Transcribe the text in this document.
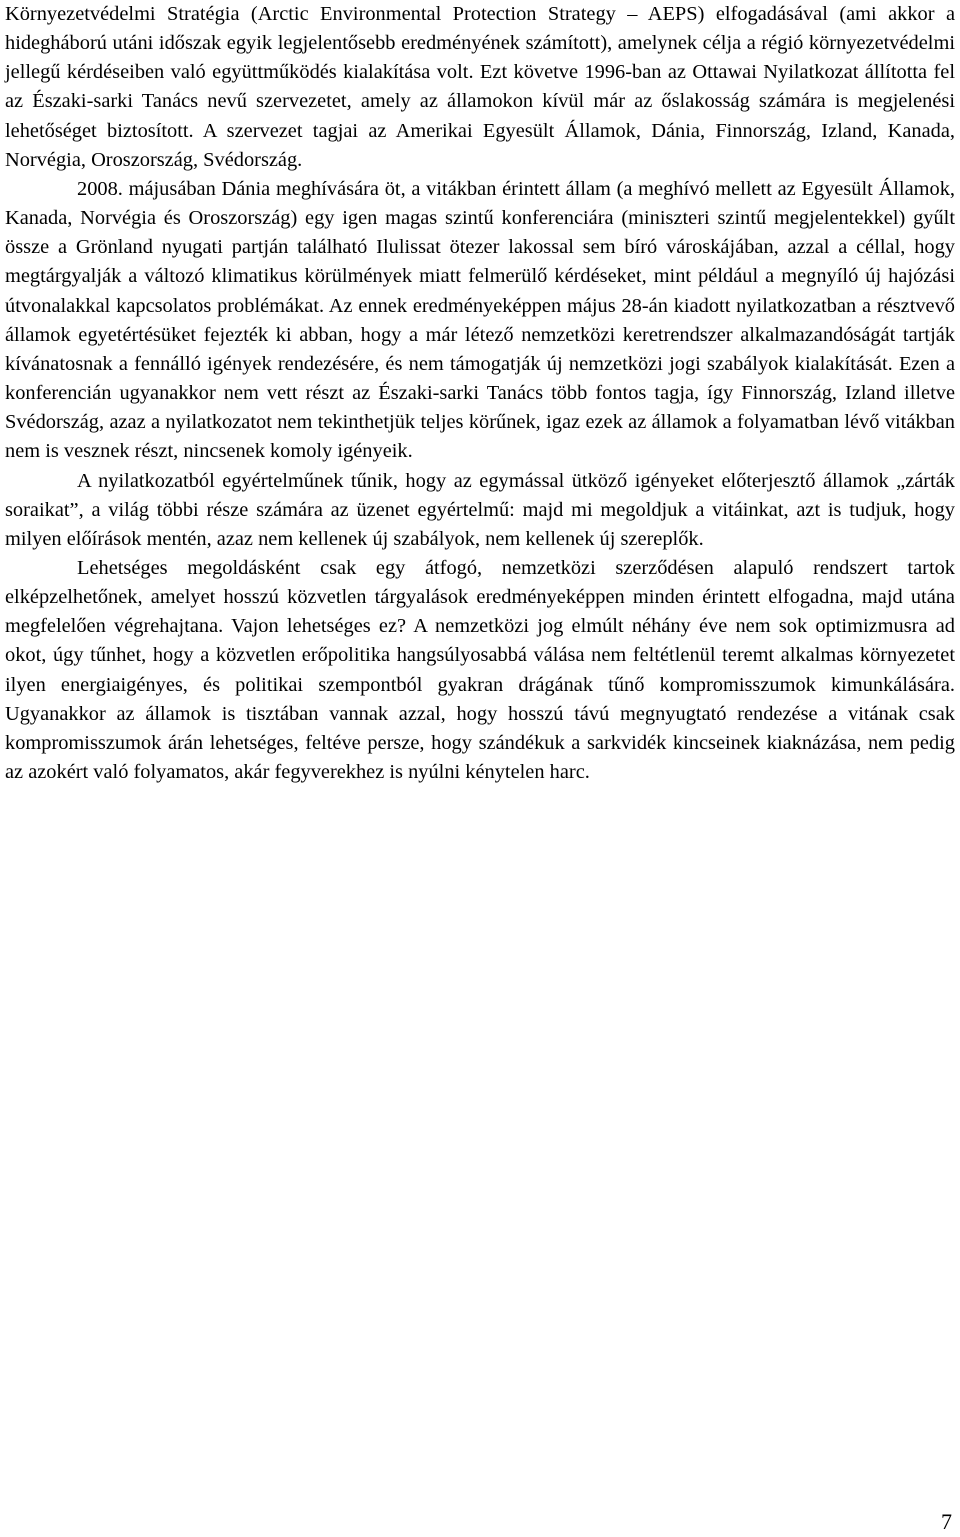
Környezetvédelmi Stratégia (Arctic Environmental Protection Strategy – AEPS) elfogadásával (ami akkor a hidegháború utáni időszak egyik legjelentősebb eredményének számított), amelynek célja a régió környezetvédelmi jellegű kérdéseiben való együttműködés kialakítása volt. Ezt követve 1996-ban az Ottawai Nyilatkozat állította fel az Északi-sarki Tanács nevű szervezetet, amely az államokon kívül már az őslakosság számára is megjelenési lehetőséget biztosított. A szervezet tagjai az Amerikai Egyesült Államok, Dánia, Finnország, Izland, Kanada, Norvégia, Oroszország, Svédország.

2008. májusában Dánia meghívására öt, a vitákban érintett állam (a meghívó mellett az Egyesült Államok, Kanada, Norvégia és Oroszország) egy igen magas szintű konferenciára (miniszteri szintű megjelentekkel) gyűlt össze a Grönland nyugati partján található Ilulissat ötezer lakossal sem bíró városkájában, azzal a céllal, hogy megtárgyalják a változó klimatikus körülmények miatt felmerülő kérdéseket, mint például a megnyíló új hajózási útvonalakkal kapcsolatos problémákat. Az ennek eredményeképpen május 28-án kiadott nyilatkozatban a résztvevő államok egyetértésüket fejezték ki abban, hogy a már létező nemzetközi keretrendszer alkalmazandóságát tartják kívánatosnak a fennálló igények rendezésére, és nem támogatják új nemzetközi jogi szabályok kialakítását. Ezen a konferencián ugyanakkor nem vett részt az Északi-sarki Tanács több fontos tagja, így Finnország, Izland illetve Svédország, azaz a nyilatkozatot nem tekinthetjük teljes körűnek, igaz ezek az államok a folyamatban lévő vitákban nem is vesznek részt, nincsenek komoly igényeik.

A nyilatkozatból egyértelműnek tűnik, hogy az egymással ütköző igényeket előterjesztő államok „zárták soraikat”, a világ többi része számára az üzenet egyértelmű: majd mi megoldjuk a vitáinkat, azt is tudjuk, hogy milyen előírások mentén, azaz nem kellenek új szabályok, nem kellenek új szereplők.

Lehetséges megoldásként csak egy átfogó, nemzetközi szerződésen alapuló rendszert tartok elképzelhetőnek, amelyet hosszú közvetlen tárgyalások eredményeképpen minden érintett elfogadna, majd utána megfelelően végrehajtana. Vajon lehetséges ez? A nemzetközi jog elmúlt néhány éve nem sok optimizmusra ad okot, úgy tűnhet, hogy a közvetlen erőpolitika hangsúlyosabbá válása nem feltétlenül teremt alkalmas környezetet ilyen energiaigényes, és politikai szempontból gyakran drágának tűnő kompromisszumok kimunkálására. Ugyanakkor az államok is tisztában vannak azzal, hogy hosszú távú megnyugtató rendezése a vitának csak kompromisszumok árán lehetséges, feltéve persze, hogy szándékuk a sarkvidék kincseinek kiaknázása, nem pedig az azokért való folyamatos, akár fegyverekhez is nyúlni kénytelen harc.

7
